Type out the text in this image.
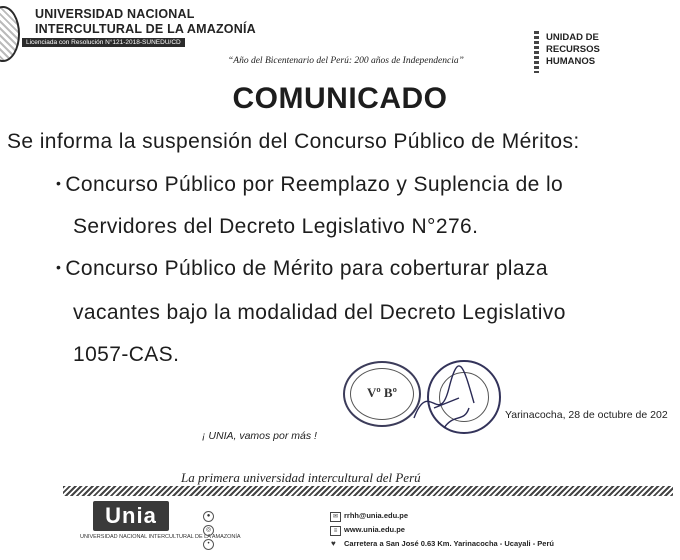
UNIVERSIDAD NACIONAL
INTERCULTURAL DE LA AMAZONÍA
Licenciada con Resolución N°121-2018-SUNEDU/CD
“Año del Bicentenario del Perú: 200 años de Independencia”
UNIDAD DE
RECURSOS
HUMANOS
COMUNICADO
Se informa la suspensión del Concurso Público de Méritos:
• Concurso Público por Reemplazo y Suplencia de lo
Servidores del Decreto Legislativo N°276.
• Concurso Público de Mérito para coberturar plaza
vacantes bajo la modalidad del Decreto Legislativo
1057-CAS.
Vº Bº
Yarinacocha, 28 de octubre de 202
¡ UNIA, vamos por más !
La primera universidad intercultural del Perú
Unia
UNIVERSIDAD NACIONAL INTERCULTURAL DE LA AMAZONÍA
●
◎
•
✉ rrhh@unia.edu.pe
≡ www.unia.edu.pe
♥ Carretera a San José 0.63 Km. Yarinacocha - Ucayali - Perú
